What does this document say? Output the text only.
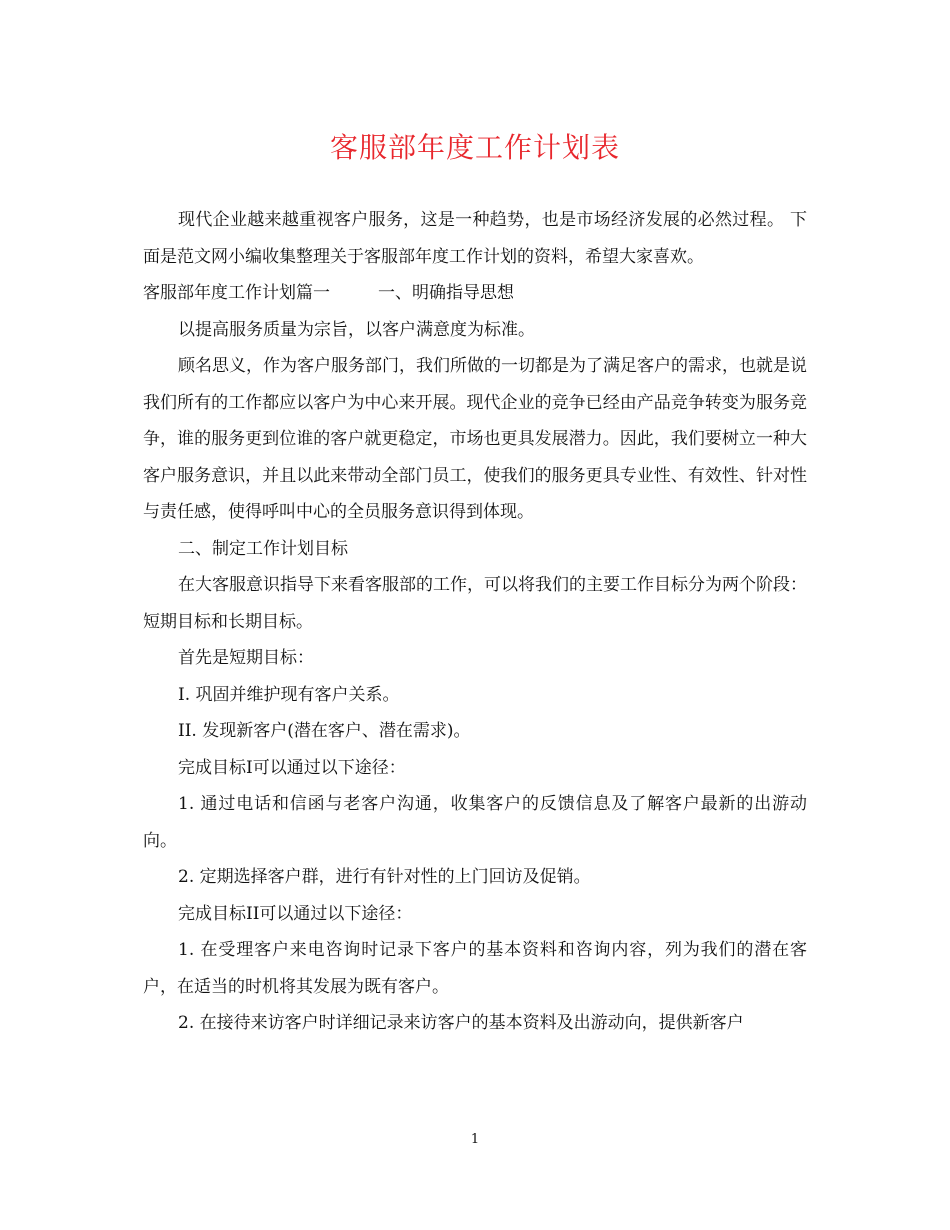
客服部年度工作计划表

现代企业越来越重视客户服务，这是一种趋势，也是市场经济发展的必然过程。 下面是范文网小编收集整理关于客服部年度工作计划的资料，希望大家喜欢。

客服部年度工作计划篇一	一、明确指导思想

以提高服务质量为宗旨，以客户满意度为标准。

顾名思义，作为客户服务部门，我们所做的一切都是为了满足客户的需求，也就是说我们所有的工作都应以客户为中心来开展。现代企业的竞争已经由产品竞争转变为服务竞争，谁的服务更到位谁的客户就更稳定，市场也更具发展潜力。因此，我们要树立一种大客户服务意识，并且以此来带动全部门员工，使我们的服务更具专业性、有效性、针对性与责任感，使得呼叫中心的全员服务意识得到体现。

二、制定工作计划目标

在大客服意识指导下来看客服部的工作，可以将我们的主要工作目标分为两个阶段：短期目标和长期目标。

首先是短期目标：

I. 巩固并维护现有客户关系。

II. 发现新客户(潜在客户、潜在需求)。

完成目标I可以通过以下途径：

1. 通过电话和信函与老客户沟通，收集客户的反馈信息及了解客户最新的出游动向。

2. 定期选择客户群，进行有针对性的上门回访及促销。

完成目标II可以通过以下途径：

1. 在受理客户来电咨询时记录下客户的基本资料和咨询内容，列为我们的潜在客户，在适当的时机将其发展为既有客户。

2. 在接待来访客户时详细记录来访客户的基本资料及出游动向，提供新客户

1
